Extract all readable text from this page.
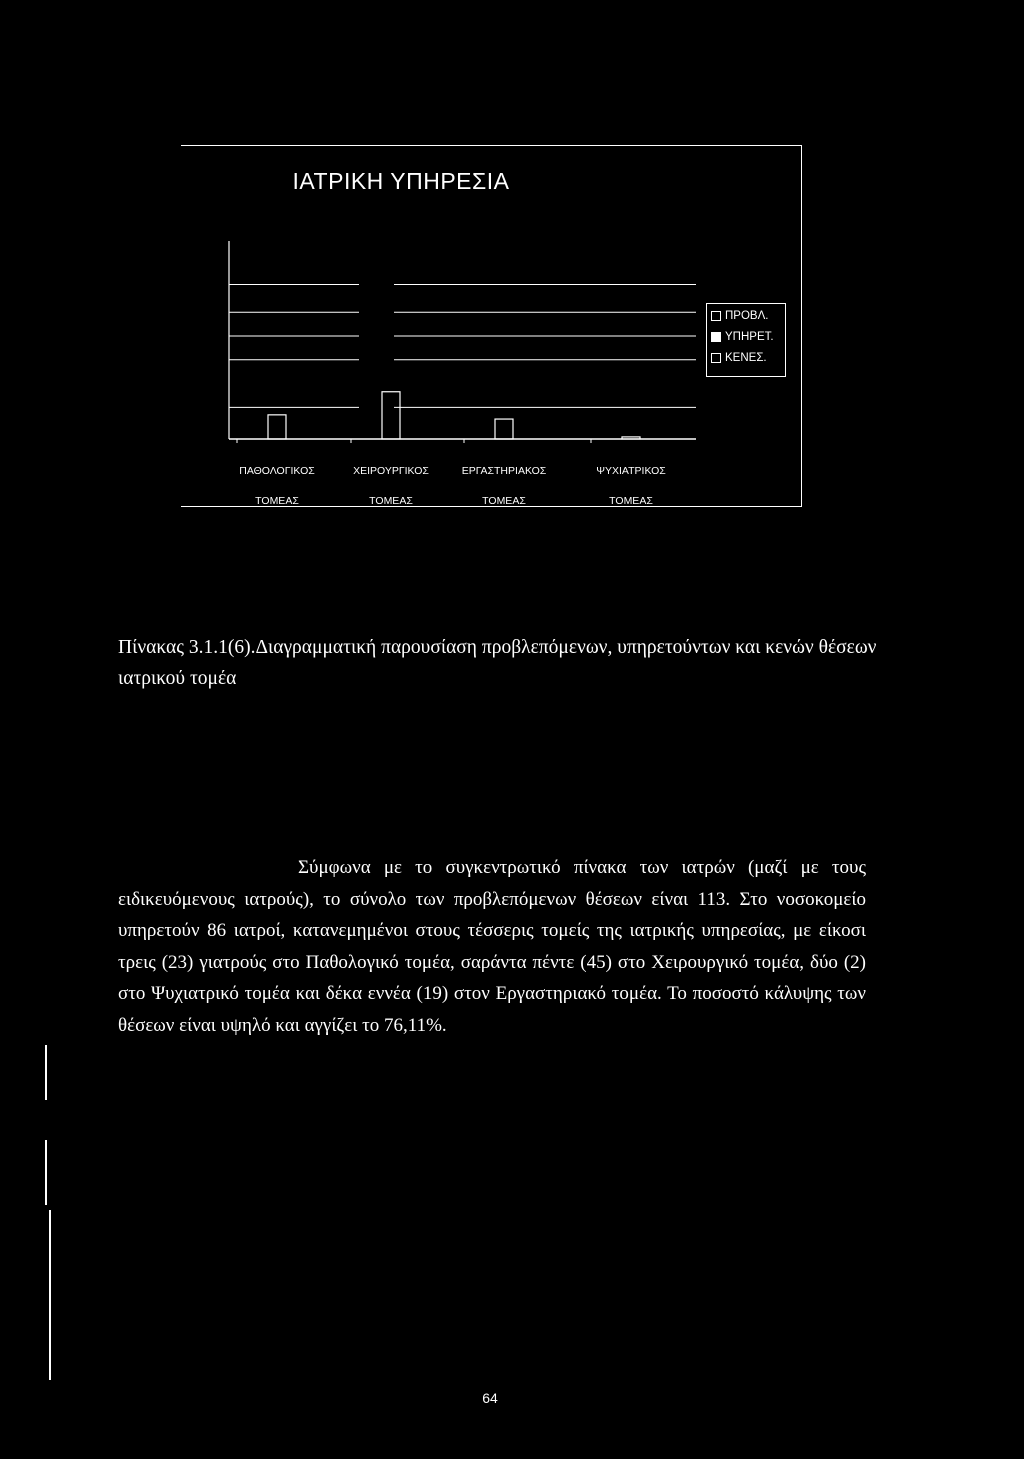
ΙΑΤΡΙΚΗ ΥΠΗΡΕΣΙΑ
ΠΡΟΒΛ.
ΥΠΗΡΕΤ.
ΚΕΝΕΣ.

ΠΑΘΟΛΟΓΙΚΟΣ

ΤΟΜΕΑΣ

ΧΕΙΡΟΥΡΓΙΚΟΣ

ΤΟΜΕΑΣ

ΕΡΓΑΣΤΗΡΙΑΚΟΣ

ΤΟΜΕΑΣ

ΨΥΧΙΑΤΡΙΚΟΣ

ΤΟΜΕΑΣ

Πίνακας 3.1.1(6).Διαγραμματική παρουσίαση προβλεπόμενων, υπηρετούντων και κενών θέσεων ιατρικού τομέα
Σύμφωνα με το συγκεντρωτικό πίνακα των ιατρών (μαζί με τους ειδικευόμενους ιατρούς), το σύνολο των προβλεπόμενων θέσεων είναι 113. Στο νοσοκομείο υπηρετούν 86 ιατροί, κατανεμημένοι στους τέσσερις τομείς της ιατρικής υπηρεσίας, με είκοσι τρεις (23) γιατρούς στο Παθολογικό τομέα, σαράντα πέντε (45) στο Χειρουργικό τομέα, δύο (2) στο Ψυχιατρικό τομέα και δέκα εννέα (19) στον Εργαστηριακό τομέα. Το ποσοστό κάλυψης των θέσεων είναι υψηλό και αγγίζει το 76,11%.
64
